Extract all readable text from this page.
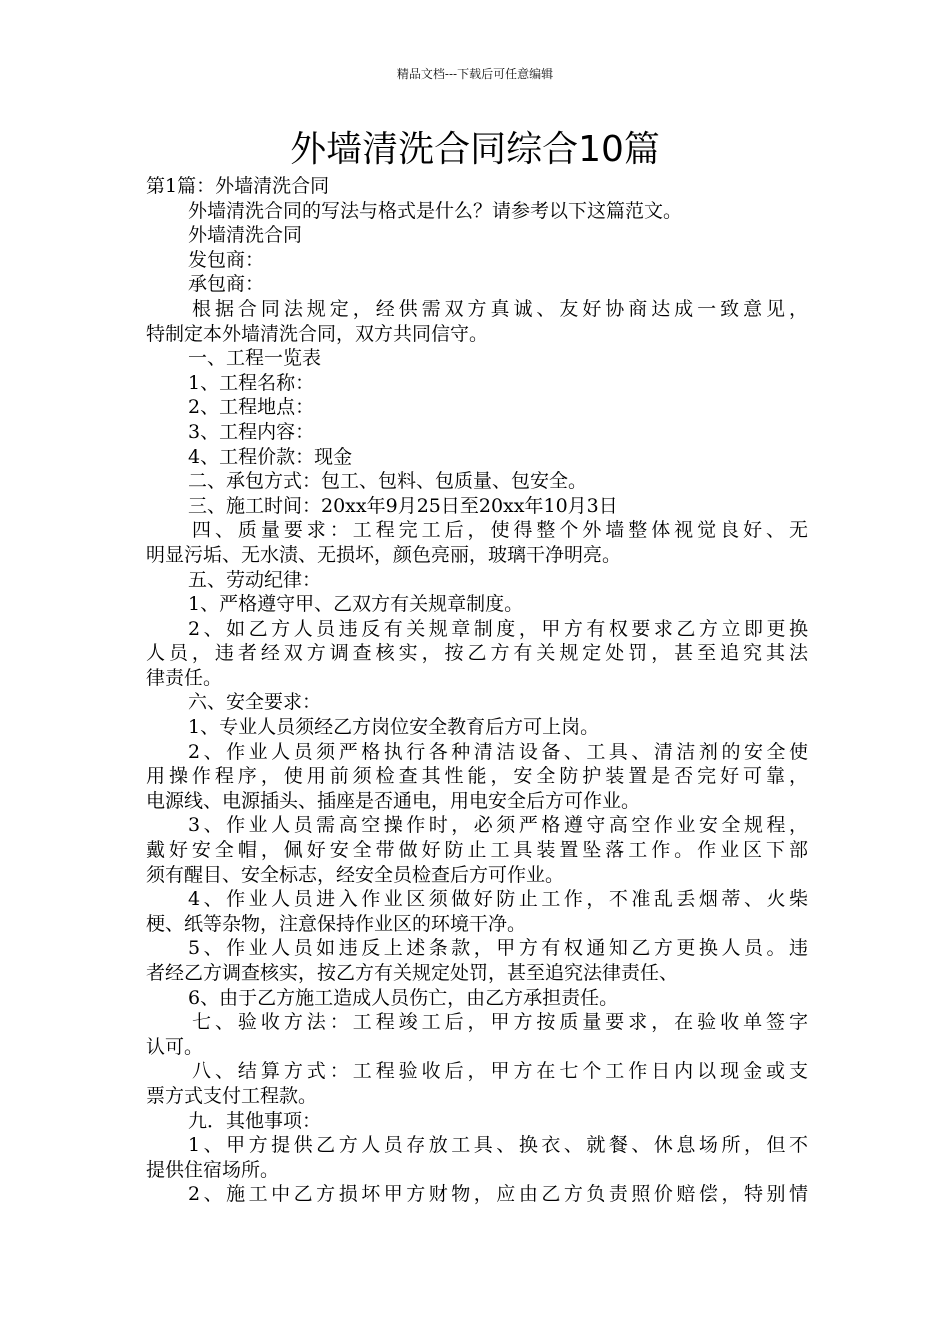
精品文档---下载后可任意编辑
外墙清洗合同综合10篇
第1篇：外墙清洗合同
外墙清洗合同的写法与格式是什么？请参考以下这篇范文。
外墙清洗合同
发包商：
承包商：
根据合同法规定，经供需双方真诚、友好协商达成一致意见，
特制定本外墙清洗合同，双方共同信守。
一、工程一览表
1、工程名称：
2、工程地点：
3、工程内容：
4、工程价款：现金
二、承包方式：包工、包料、包质量、包安全。
三、施工时间：20xx年9月25日至20xx年10月3日
四、质量要求：工程完工后，使得整个外墙整体视觉良好、无
明显污垢、无水渍、无损坏，颜色亮丽，玻璃干净明亮。
五、劳动纪律：
1、严格遵守甲、乙双方有关规章制度。
2、如乙方人员违反有关规章制度，甲方有权要求乙方立即更换
人员，违者经双方调查核实，按乙方有关规定处罚，甚至追究其法
律责任。
六、安全要求：
1、专业人员须经乙方岗位安全教育后方可上岗。
2、作业人员须严格执行各种清洁设备、工具、清洁剂的安全使
用操作程序，使用前须检查其性能，安全防护装置是否完好可靠，
电源线、电源插头、插座是否通电，用电安全后方可作业。
3、作业人员需高空操作时，必须严格遵守高空作业安全规程，
戴好安全帽，佩好安全带做好防止工具装置坠落工作。作业区下部
须有醒目、安全标志，经安全员检查后方可作业。
4、作业人员进入作业区须做好防止工作，不准乱丢烟蒂、火柴
梗、纸等杂物，注意保持作业区的环境干净。
5、作业人员如违反上述条款，甲方有权通知乙方更换人员。违
者经乙方调查核实，按乙方有关规定处罚，甚至追究法律责任、
6、由于乙方施工造成人员伤亡，由乙方承担责任。
七、验收方法：工程竣工后，甲方按质量要求，在验收单签字
认可。
八、结算方式：工程验收后，甲方在七个工作日内以现金或支
票方式支付工程款。
九．其他事项：
1、甲方提供乙方人员存放工具、换衣、就餐、休息场所，但不
提供住宿场所。
2、施工中乙方损坏甲方财物，应由乙方负责照价赔偿，特别情
